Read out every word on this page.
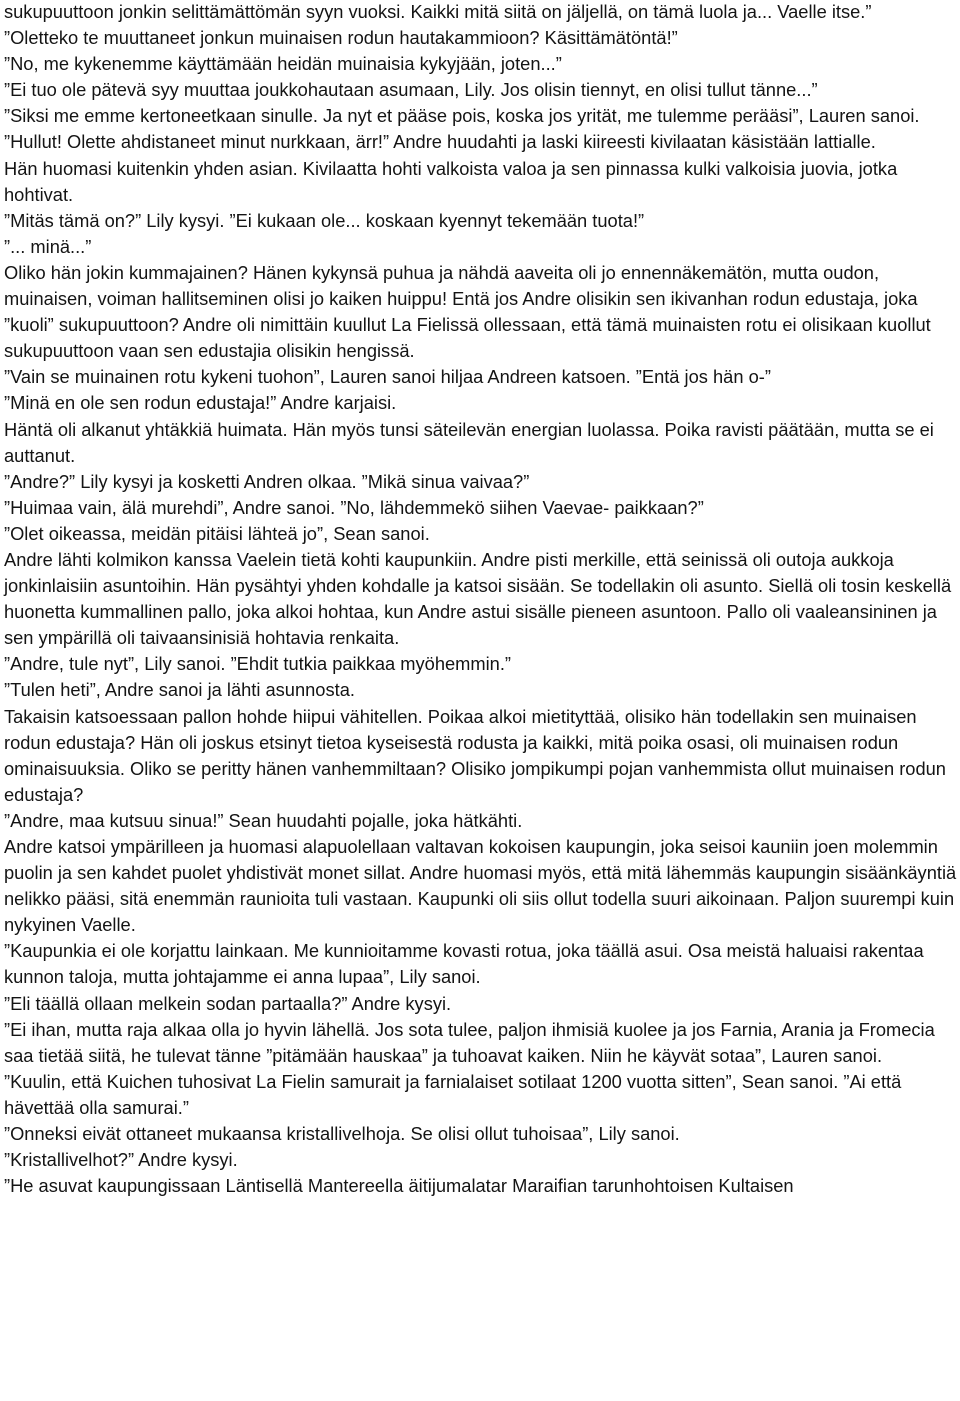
sukupuuttoon jonkin selittämättömän syyn vuoksi. Kaikki mitä siitä on jäljellä, on tämä luola ja... Vaelle itse.”

”Oletteko te muuttaneet jonkun muinaisen rodun hautakammioon? Käsittämätöntä!”

”No, me kykenemme käyttämään heidän muinaisia kykyjään, joten...”

”Ei tuo ole pätevä syy muuttaa joukkohautaan asumaan, Lily. Jos olisin tiennyt, en olisi tullut tänne...”

”Siksi me emme kertoneetkaan sinulle. Ja nyt et pääse pois, koska jos yrität, me tulemme perääsi”, Lauren sanoi.

”Hullut! Olette ahdistaneet minut nurkkaan, ärr!” Andre huudahti ja laski kiireesti kivilaatan käsistään lattialle.

Hän huomasi kuitenkin yhden asian. Kivilaatta hohti valkoista valoa ja sen pinnassa kulki valkoisia juovia, jotka hohtivat.

”Mitäs tämä on?” Lily kysyi. ”Ei kukaan ole... koskaan kyennyt tekemään tuota!”

”... minä...”

Oliko hän jokin kummajainen? Hänen kykynsä puhua ja nähdä aaveita oli jo ennennäkemätön, mutta oudon, muinaisen, voiman hallitseminen olisi jo kaiken huippu! Entä jos Andre olisikin sen ikivanhan rodun edustaja, joka ”kuoli” sukupuuttoon? Andre oli nimittäin kuullut La Fielissä ollessaan, että tämä muinaisten rotu ei olisikaan kuollut sukupuuttoon vaan sen edustajia olisikin hengissä.

”Vain se muinainen rotu kykeni tuohon”, Lauren sanoi hiljaa Andreen katsoen. ”Entä jos hän o-”

”Minä en ole sen rodun edustaja!” Andre karjaisi.

Häntä oli alkanut yhtäkkiä huimata. Hän myös tunsi säteilevän energian luolassa. Poika ravisti päätään, mutta se ei auttanut.

”Andre?” Lily kysyi ja kosketti Andren olkaa. ”Mikä sinua vaivaa?”

”Huimaa vain, älä murehdi”, Andre sanoi. ”No, lähdemmekö siihen Vaevae- paikkaan?”

”Olet oikeassa, meidän pitäisi lähteä jo”, Sean sanoi.

Andre lähti kolmikon kanssa Vaelein tietä kohti kaupunkiin. Andre pisti merkille, että seinissä oli outoja aukkoja jonkinlaisiin asuntoihin. Hän pysähtyi yhden kohdalle ja katsoi sisään. Se todellakin oli asunto. Siellä oli tosin keskellä huonetta kummallinen pallo, joka alkoi hohtaa, kun Andre astui sisälle pieneen asuntoon. Pallo oli vaaleansininen ja sen ympärillä oli taivaansinisiä hohtavia renkaita.

”Andre, tule nyt”, Lily sanoi. ”Ehdit tutkia paikkaa myöhemmin.”

”Tulen heti”, Andre sanoi ja lähti asunnosta.

Takaisin katsoessaan pallon hohde hiipui vähitellen. Poikaa alkoi mietityttää, olisiko hän todellakin sen muinaisen rodun edustaja? Hän oli joskus etsinyt tietoa kyseisestä rodusta ja kaikki, mitä poika osasi, oli muinaisen rodun ominaisuuksia. Oliko se peritty hänen vanhemmiltaan? Olisiko jompikumpi pojan vanhemmista ollut muinaisen rodun edustaja?

”Andre, maa kutsuu sinua!” Sean huudahti pojalle, joka hätkähti.

Andre katsoi ympärilleen ja huomasi alapuolellaan valtavan kokoisen kaupungin, joka seisoi kauniin joen molemmin puolin ja sen kahdet puolet yhdistivät monet sillat. Andre huomasi myös, että mitä lähemmäs kaupungin sisäänkäyntiä nelikko pääsi, sitä enemmän raunioita tuli vastaan. Kaupunki oli siis ollut todella suuri aikoinaan. Paljon suurempi kuin nykyinen Vaelle.

”Kaupunkia ei ole korjattu lainkaan. Me kunnioitamme kovasti rotua, joka täällä asui. Osa meistä haluaisi rakentaa kunnon taloja, mutta johtajamme ei anna lupaa”, Lily sanoi.

”Eli täällä ollaan melkein sodan partaalla?” Andre kysyi.

”Ei ihan, mutta raja alkaa olla jo hyvin lähellä. Jos sota tulee, paljon ihmisiä kuolee ja jos Farnia, Arania ja Fromecia saa tietää siitä, he tulevat tänne ”pitämään hauskaa” ja tuhoavat kaiken. Niin he käyvät sotaa”, Lauren sanoi.

”Kuulin, että Kuichen tuhosivat La Fielin samurait ja farnialaiset sotilaat 1200 vuotta sitten”, Sean sanoi. ”Ai että hävettää olla samurai.”

”Onneksi eivät ottaneet mukaansa kristallivelhoja. Se olisi ollut tuhoisaa”, Lily sanoi.

”Kristallivelhot?” Andre kysyi.

”He asuvat kaupungissaan Läntisellä Mantereella äitijumalatar Maraifian tarunhohtoisen Kultaisen
